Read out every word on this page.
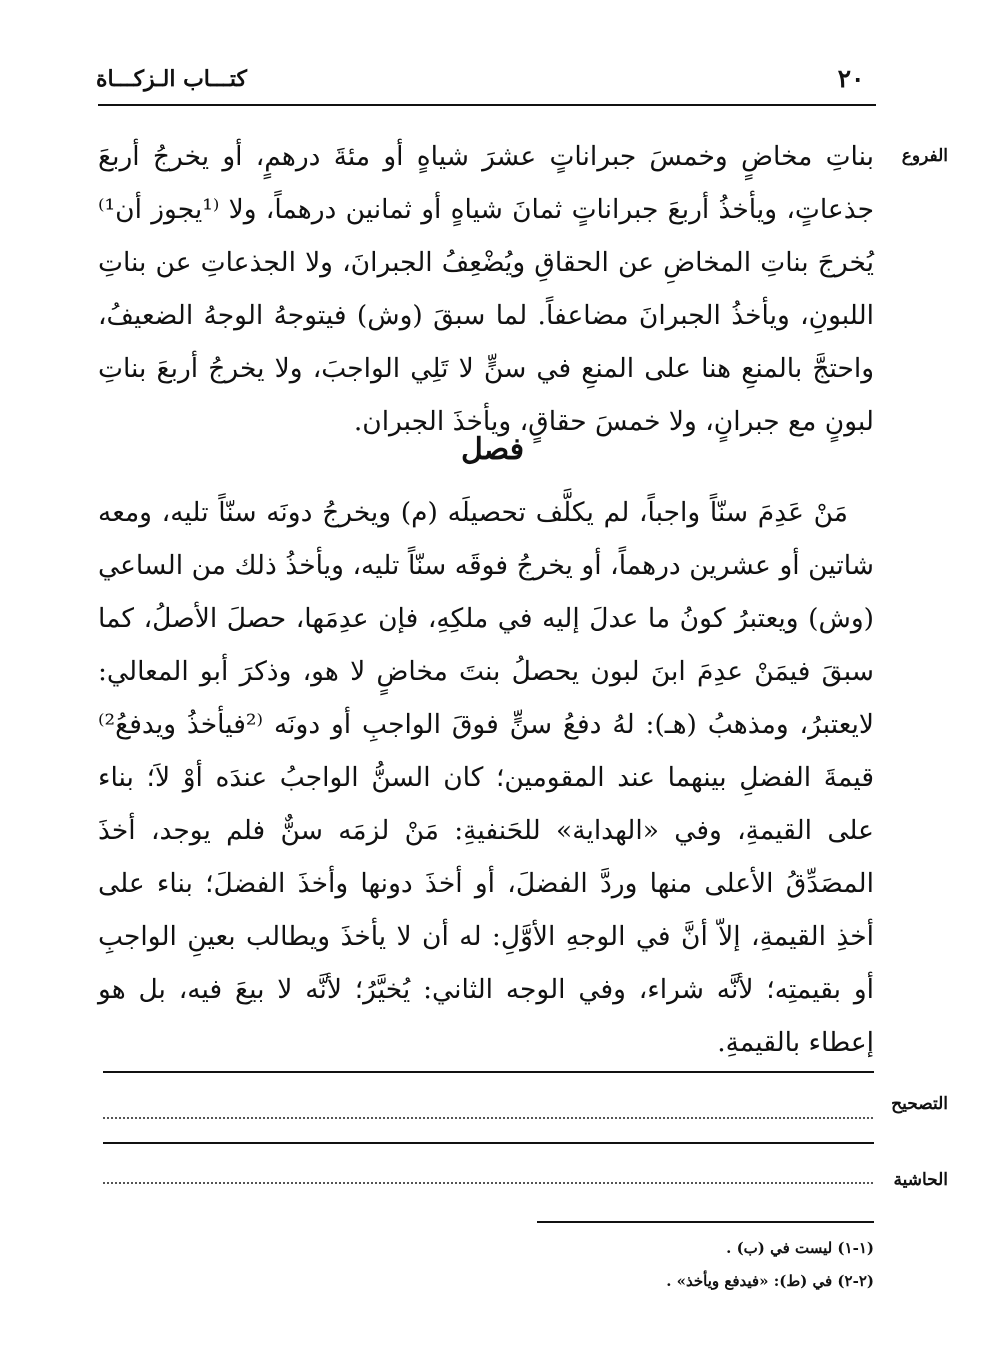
٢٠
كتـــاب الـزكـــاة
الفروع

بناتِ مخاضٍ وخمسَ جبراناتٍ عشرَ شياهٍ أو مئةَ درهمٍ، أو يخرجُ أربعَ جذعاتٍ، ويأخذُ أربعَ جبراناتٍ ثمانَ شياهٍ أو ثمانين درهماً، ولا ⁽¹يجوز أن¹⁾ يُخرجَ بناتِ المخاضِ عن الحقاقِ ويُضْعِفُ الجبرانَ، ولا الجذعاتِ عن بناتِ اللبونِ، ويأخذُ الجبرانَ مضاعفاً. لما سبقَ (وش) فيتوجهُ الوجهُ الضعيفُ، واحتجَّ بالمنعِ هنا على المنعِ في سنٍّ لا تَلِي الواجبَ، ولا يخرجُ أربعَ بناتِ لبونٍ مع جبرانٍ، ولا خمسَ حقاقٍ، ويأخذَ الجبران.

فصل

مَنْ عَدِمَ سنّاً واجباً، لم يكلَّف تحصيلَه (م) ويخرجُ دونَه سنّاً تليه، ومعه شاتين أو عشرين درهماً، أو يخرجُ فوقَه سنّاً تليه، ويأخذُ ذلك من الساعي (وش) ويعتبرُ كونُ ما عدلَ إليه في ملكِهِ، فإن عدِمَها، حصلَ الأصلُ، كما سبقَ فيمَنْ عدِمَ ابنَ لبون يحصلُ بنتَ مخاضٍ لا هو، وذكرَ أبو المعالي: لايعتبرُ، ومذهبُ (هـ): لهُ دفعُ سنٍّ فوقَ الواجبِ أو دونَه ⁽²فيأخذُ ويدفعُ²⁾ قيمةَ الفضلِ بينهما عند المقومين؛ كان السنُّ الواجبُ عندَه أوْ لاَ؛ بناء على القيمةِ، وفي «الهداية» للحَنفيةِ: مَنْ لزمَه سنٌّ فلم يوجد، أخذَ المصَدِّقُ الأعلى منها وردَّ الفضلَ، أو أخذَ دونها وأخذَ الفضلَ؛ بناء على أخذِ القيمةِ، إلاّ أنَّ في الوجهِ الأوَّلِ: له أن لا يأخذَ ويطالب بعينِ الواجبِ أو بقيمتِه؛ لأنَّه شراء، وفي الوجه الثاني: يُخيَّرُ؛ لأنَّه لا بيعَ فيه، بل هو إعطاء بالقيمةِ.

التصحيح
الحاشية
(١-١) ليست في (ب) .
(٢-٢) في (ط): «فيدفع ويأخذ» .
